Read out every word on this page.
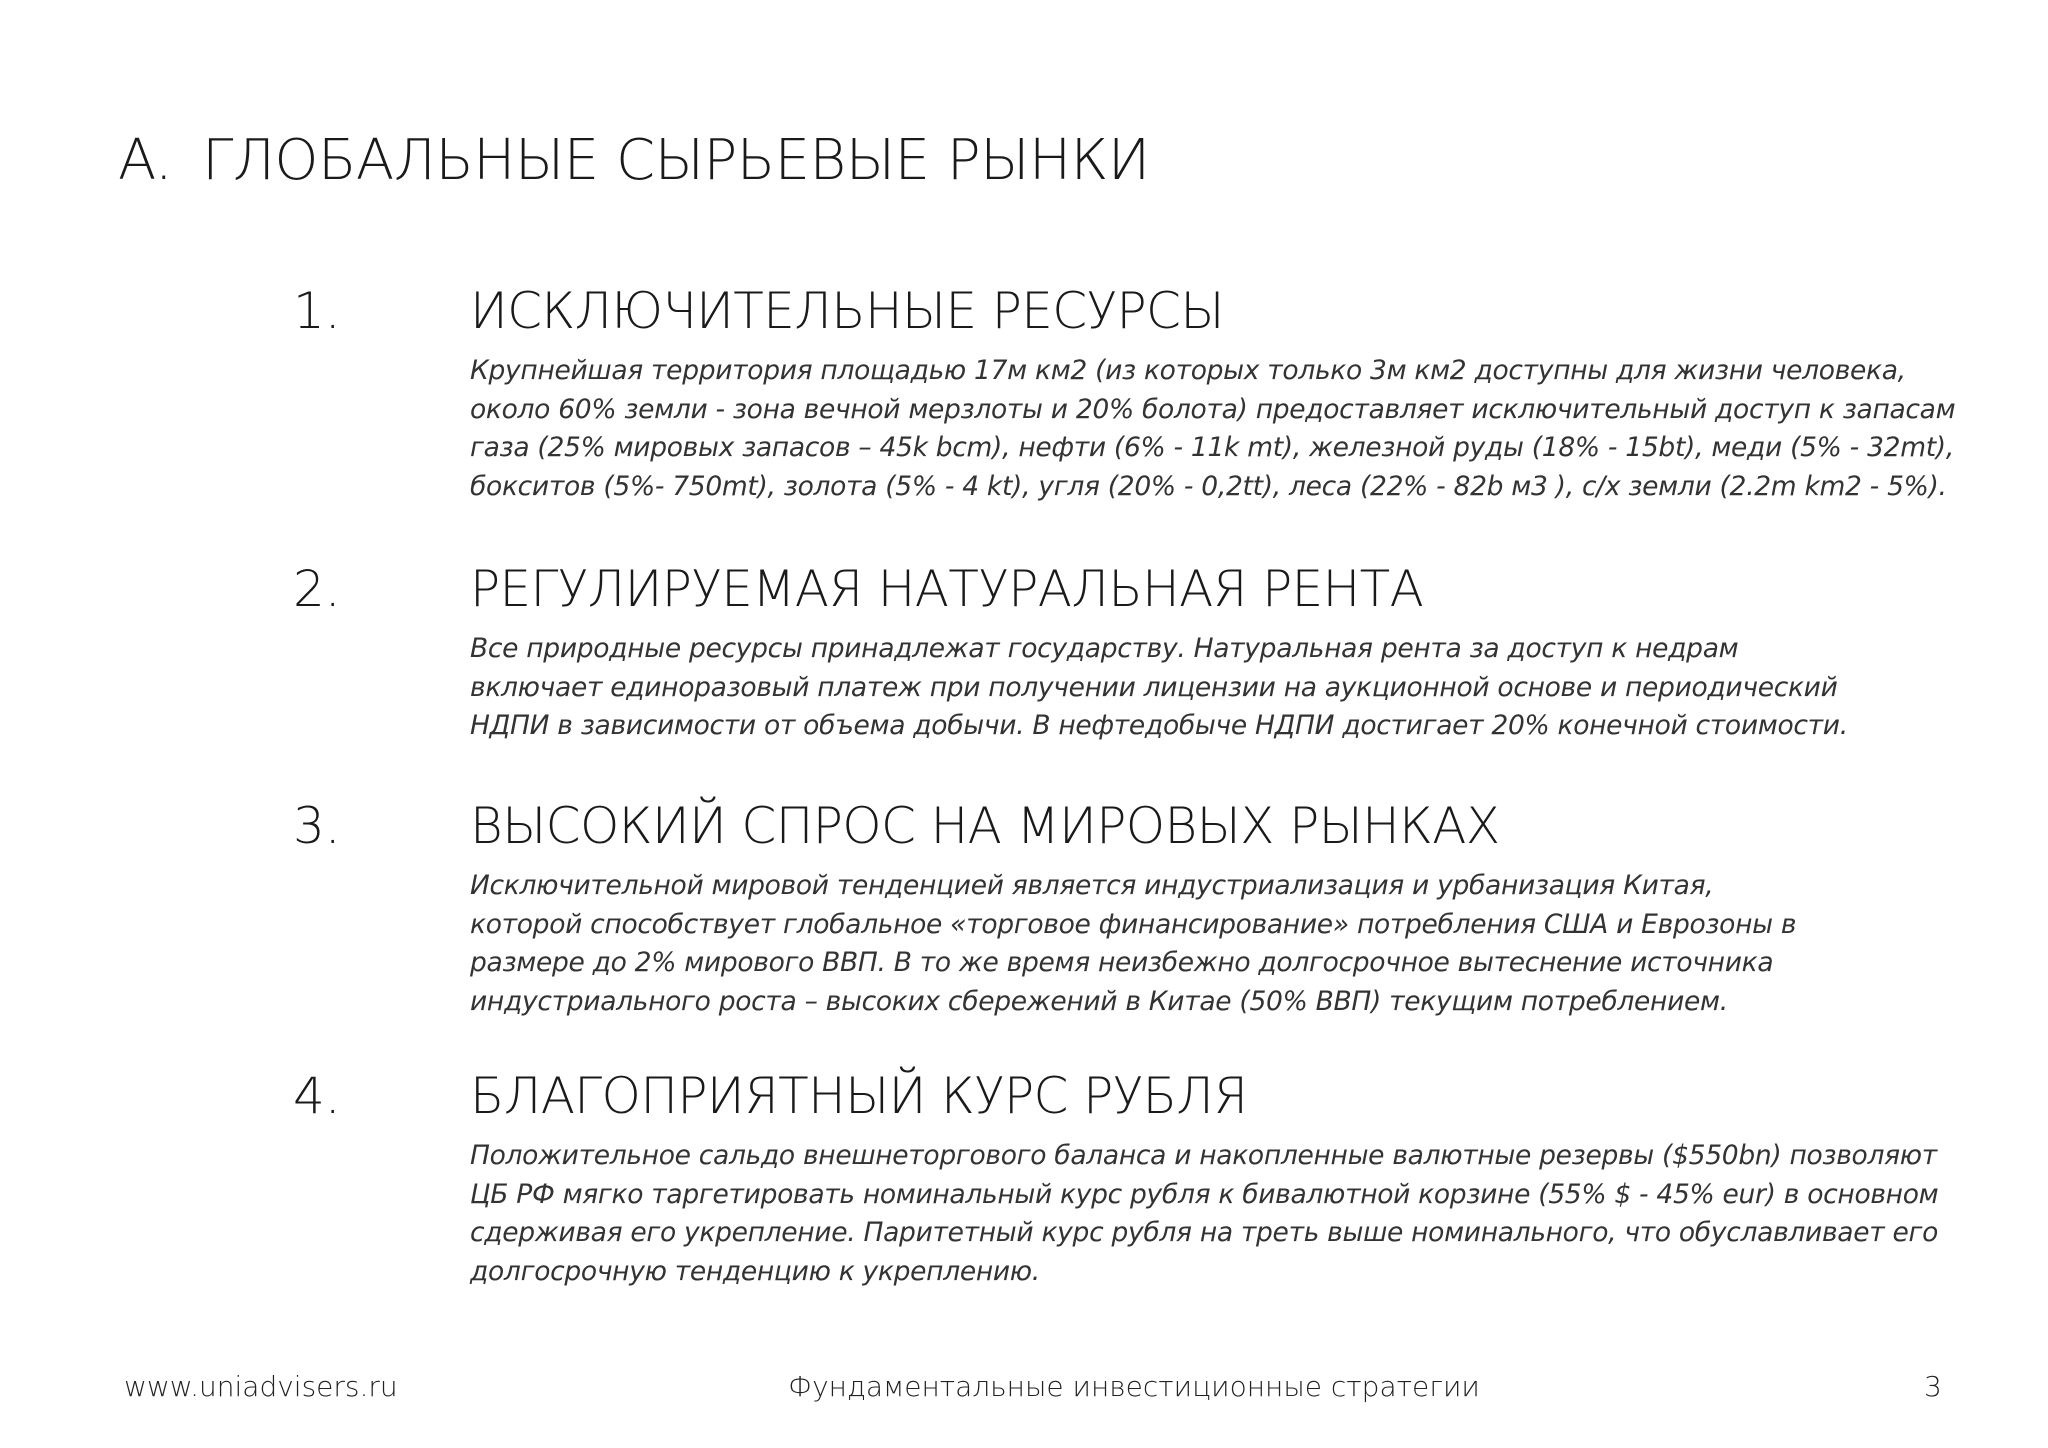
A. ГЛОБАЛЬНЫЕ СЫРЬЕВЫЕ РЫНКИ
1.	ИСКЛЮЧИТЕЛЬНЫЕ РЕСУРСЫ

Крупнейшая территория площадью 17м км2 (из которых только 3м км2 доступны для жизни человека,
около 60% земли - зона вечной мерзлоты и 20% болота) предоставляет исключительный доступ к запасам
газа (25% мировых запасов – 45k bcm), нефти (6% - 11k mt), железной руды (18% - 15bt), меди (5% - 32mt),
бокситов (5%- 750mt), золота (5% - 4 kt), угля (20% - 0,2tt), леса (22% - 82b м3 ), с/х земли (2.2m km2 - 5%).

2.	РЕГУЛИРУЕМАЯ НАТУРАЛЬНАЯ РЕНТА

Все природные ресурсы принадлежат государству. Натуральная рента за доступ к недрам
включает единоразовый платеж при получении лицензии на аукционной основе и периодический
НДПИ в зависимости от объема добычи. В нефтедобыче НДПИ достигает 20% конечной стоимости.

3.	ВЫСОКИЙ СПРОС НА МИРОВЫХ РЫНКАХ

Исключительной мировой тенденцией является индустриализация и урбанизация Китая,
которой способствует глобальное «торговое финансирование» потребления США и Еврозоны в
размере до 2% мирового ВВП. В то же время неизбежно долгосрочное вытеснение источника
индустриального роста – высоких сбережений в Китае (50% ВВП) текущим потреблением.

4.	БЛАГОПРИЯТНЫЙ КУРС РУБЛЯ

Положительное сальдо внешнеторгового баланса и накопленные валютные резервы ($550bn) позволяют
ЦБ РФ мягко таргетировать номинальный курс рубля к бивалютной корзине (55% $ - 45% eur) в основном
сдерживая его укрепление. Паритетный курс рубля на треть выше номинального, что обуславливает его
долгосрочную тенденцию к укреплению.

www.uniadvisers.ru	Фундаментальные инвестиционные стратегии	3
